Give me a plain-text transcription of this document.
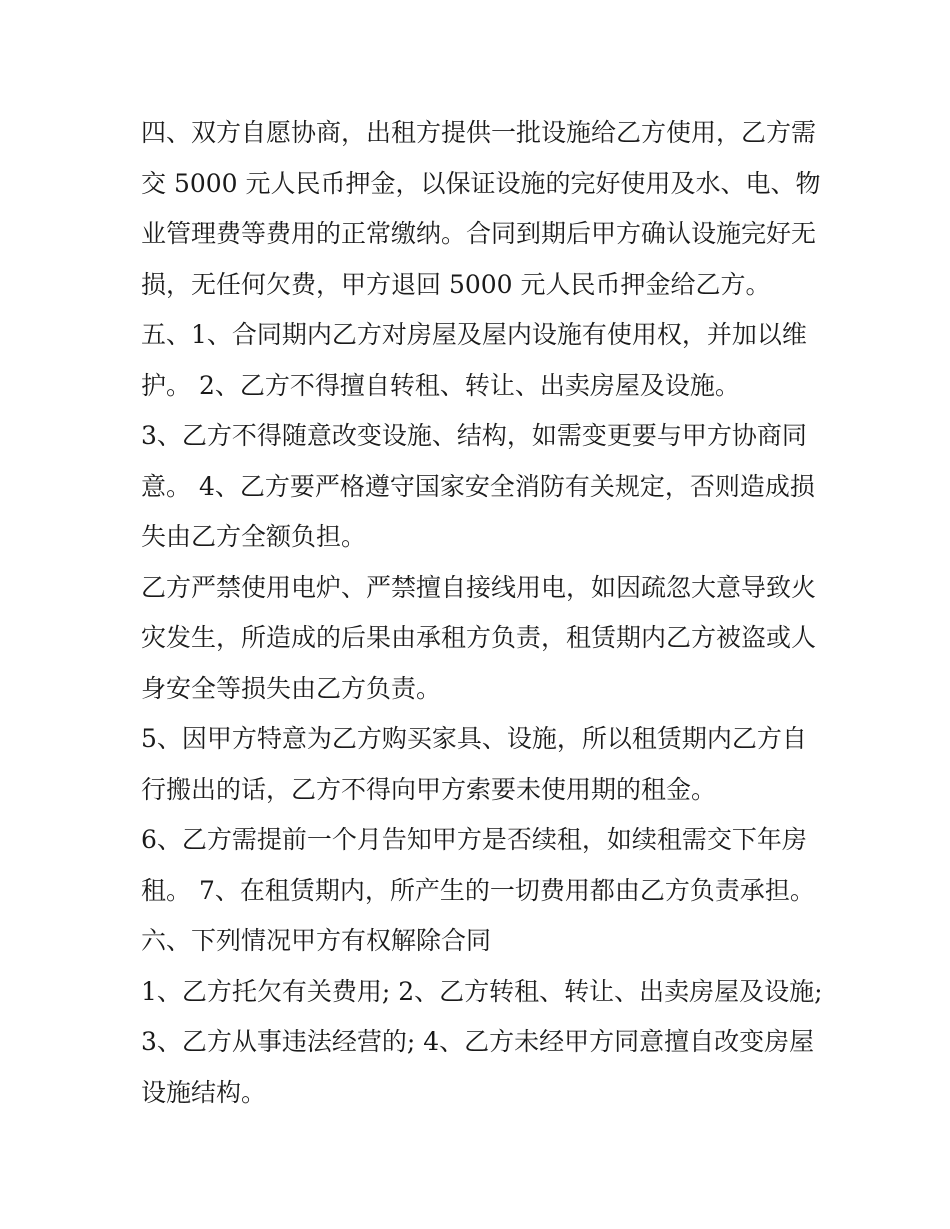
四、双方自愿协商，出租方提供一批设施给乙方使用，乙方需
交 5000 元人民币押金，以保证设施的完好使用及水、电、物
业管理费等费用的正常缴纳。合同到期后甲方确认设施完好无
损，无任何欠费，甲方退回 5000 元人民币押金给乙方。
五、1、合同期内乙方对房屋及屋内设施有使用权，并加以维
护。 2、乙方不得擅自转租、转让、出卖房屋及设施。
3、乙方不得随意改变设施、结构，如需变更要与甲方协商同
意。 4、乙方要严格遵守国家安全消防有关规定，否则造成损
失由乙方全额负担。
乙方严禁使用电炉、严禁擅自接线用电，如因疏忽大意导致火
灾发生，所造成的后果由承租方负责，租赁期内乙方被盗或人
身安全等损失由乙方负责。
5、因甲方特意为乙方购买家具、设施，所以租赁期内乙方自
行搬出的话，乙方不得向甲方索要未使用期的租金。
6、乙方需提前一个月告知甲方是否续租，如续租需交下年房
租。 7、在租赁期内，所产生的一切费用都由乙方负责承担。
六、下列情况甲方有权解除合同
1、乙方托欠有关费用; 2、乙方转租、转让、出卖房屋及设施;
3、乙方从事违法经营的; 4、乙方未经甲方同意擅自改变房屋
设施结构。
